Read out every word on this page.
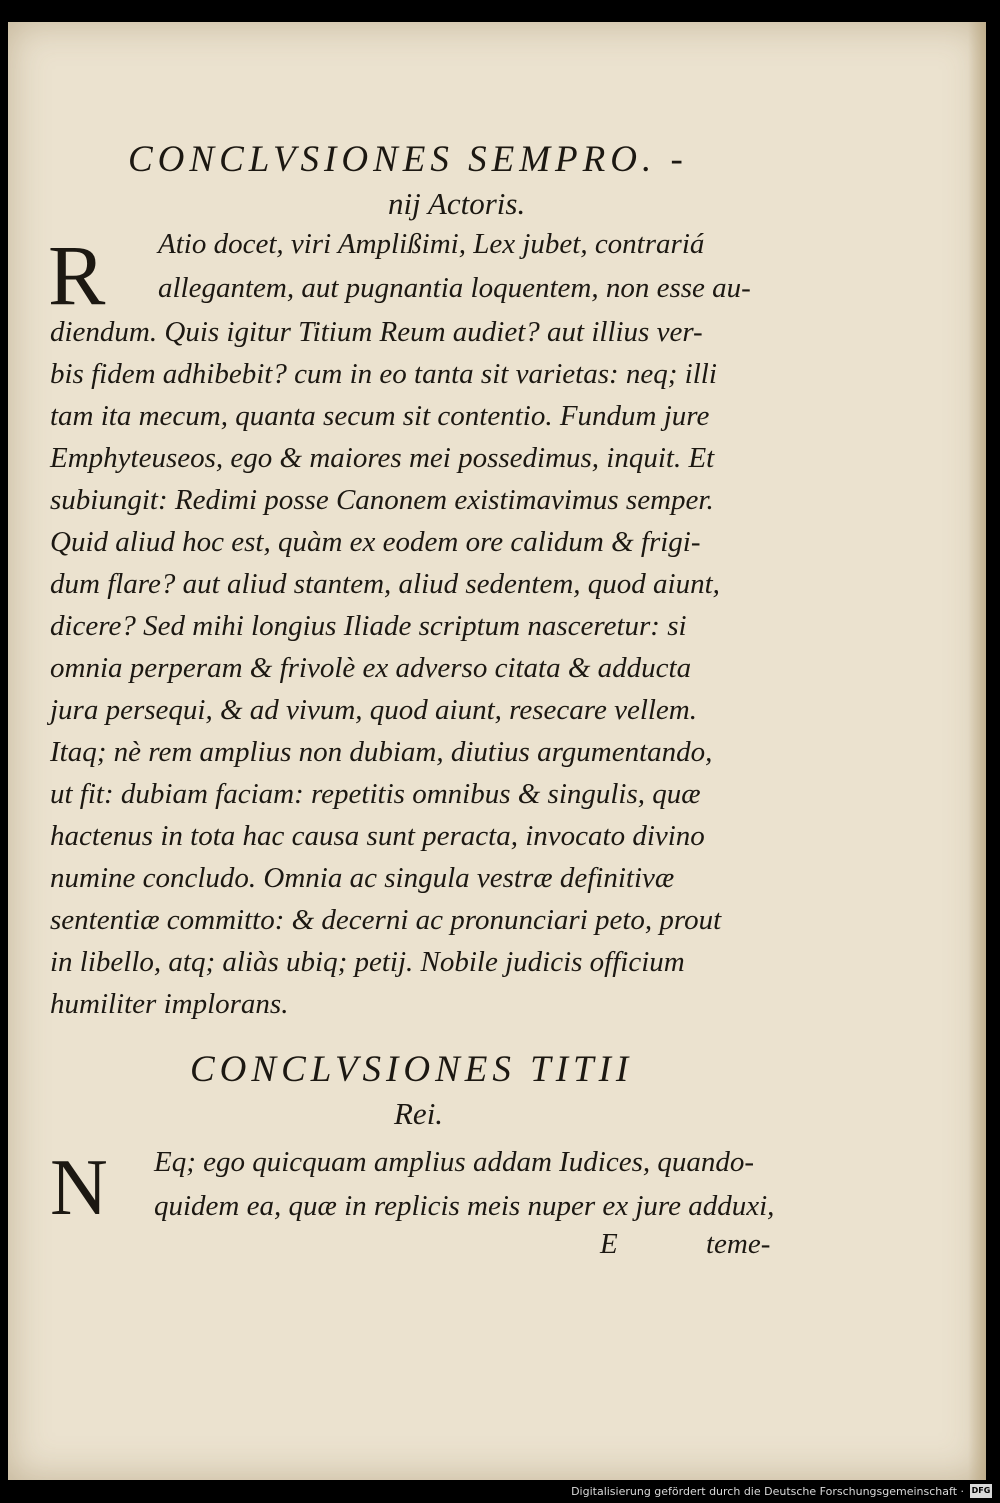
CONCLVSIONES SEMPRO. -
nij Actoris.
R Atio docet, viri Amplißimi, Lex jubet, contrariá
allegantem, aut pugnantia loquentem, non esse au-
diendum. Quis igitur Titium Reum audiet? aut illius ver-
bis fidem adhibebit? cum in eo tanta sit varietas: neq; illi
tam ita mecum, quanta secum sit contentio. Fundum jure
Emphyteuseos, ego & maiores mei possedimus, inquit. Et
subiungit: Redimi posse Canonem existimavimus semper.
Quid aliud hoc est, quàm ex eodem ore calidum & frigi-
dum flare? aut aliud stantem, aliud sedentem, quod aiunt,
dicere? Sed mihi longius Iliade scriptum nasceretur: si
omnia perperam & frivolè ex adverso citata & adducta
jura persequi, & ad vivum, quod aiunt, resecare vellem.
Itaq; nè rem amplius non dubiam, diutius argumentando,
ut fit: dubiam faciam: repetitis omnibus & singulis, quæ
hactenus in tota hac causa sunt peracta, invocato divino
numine concludo. Omnia ac singula vestræ definitivæ
sententiæ committo: & decerni ac pronunciari peto, prout
in libello, atq; aliàs ubiq; petij. Nobile judicis officium
humiliter implorans.
CONCLVSIONES TITII
Rei.
N Eq; ego quicquam amplius addam Iudices, quando-
quidem ea, quæ in replicis meis nuper ex jure adduxi,
E	teme-
Digitalisierung gefördert durch die Deutsche Forschungsgemeinschaft · DFG
